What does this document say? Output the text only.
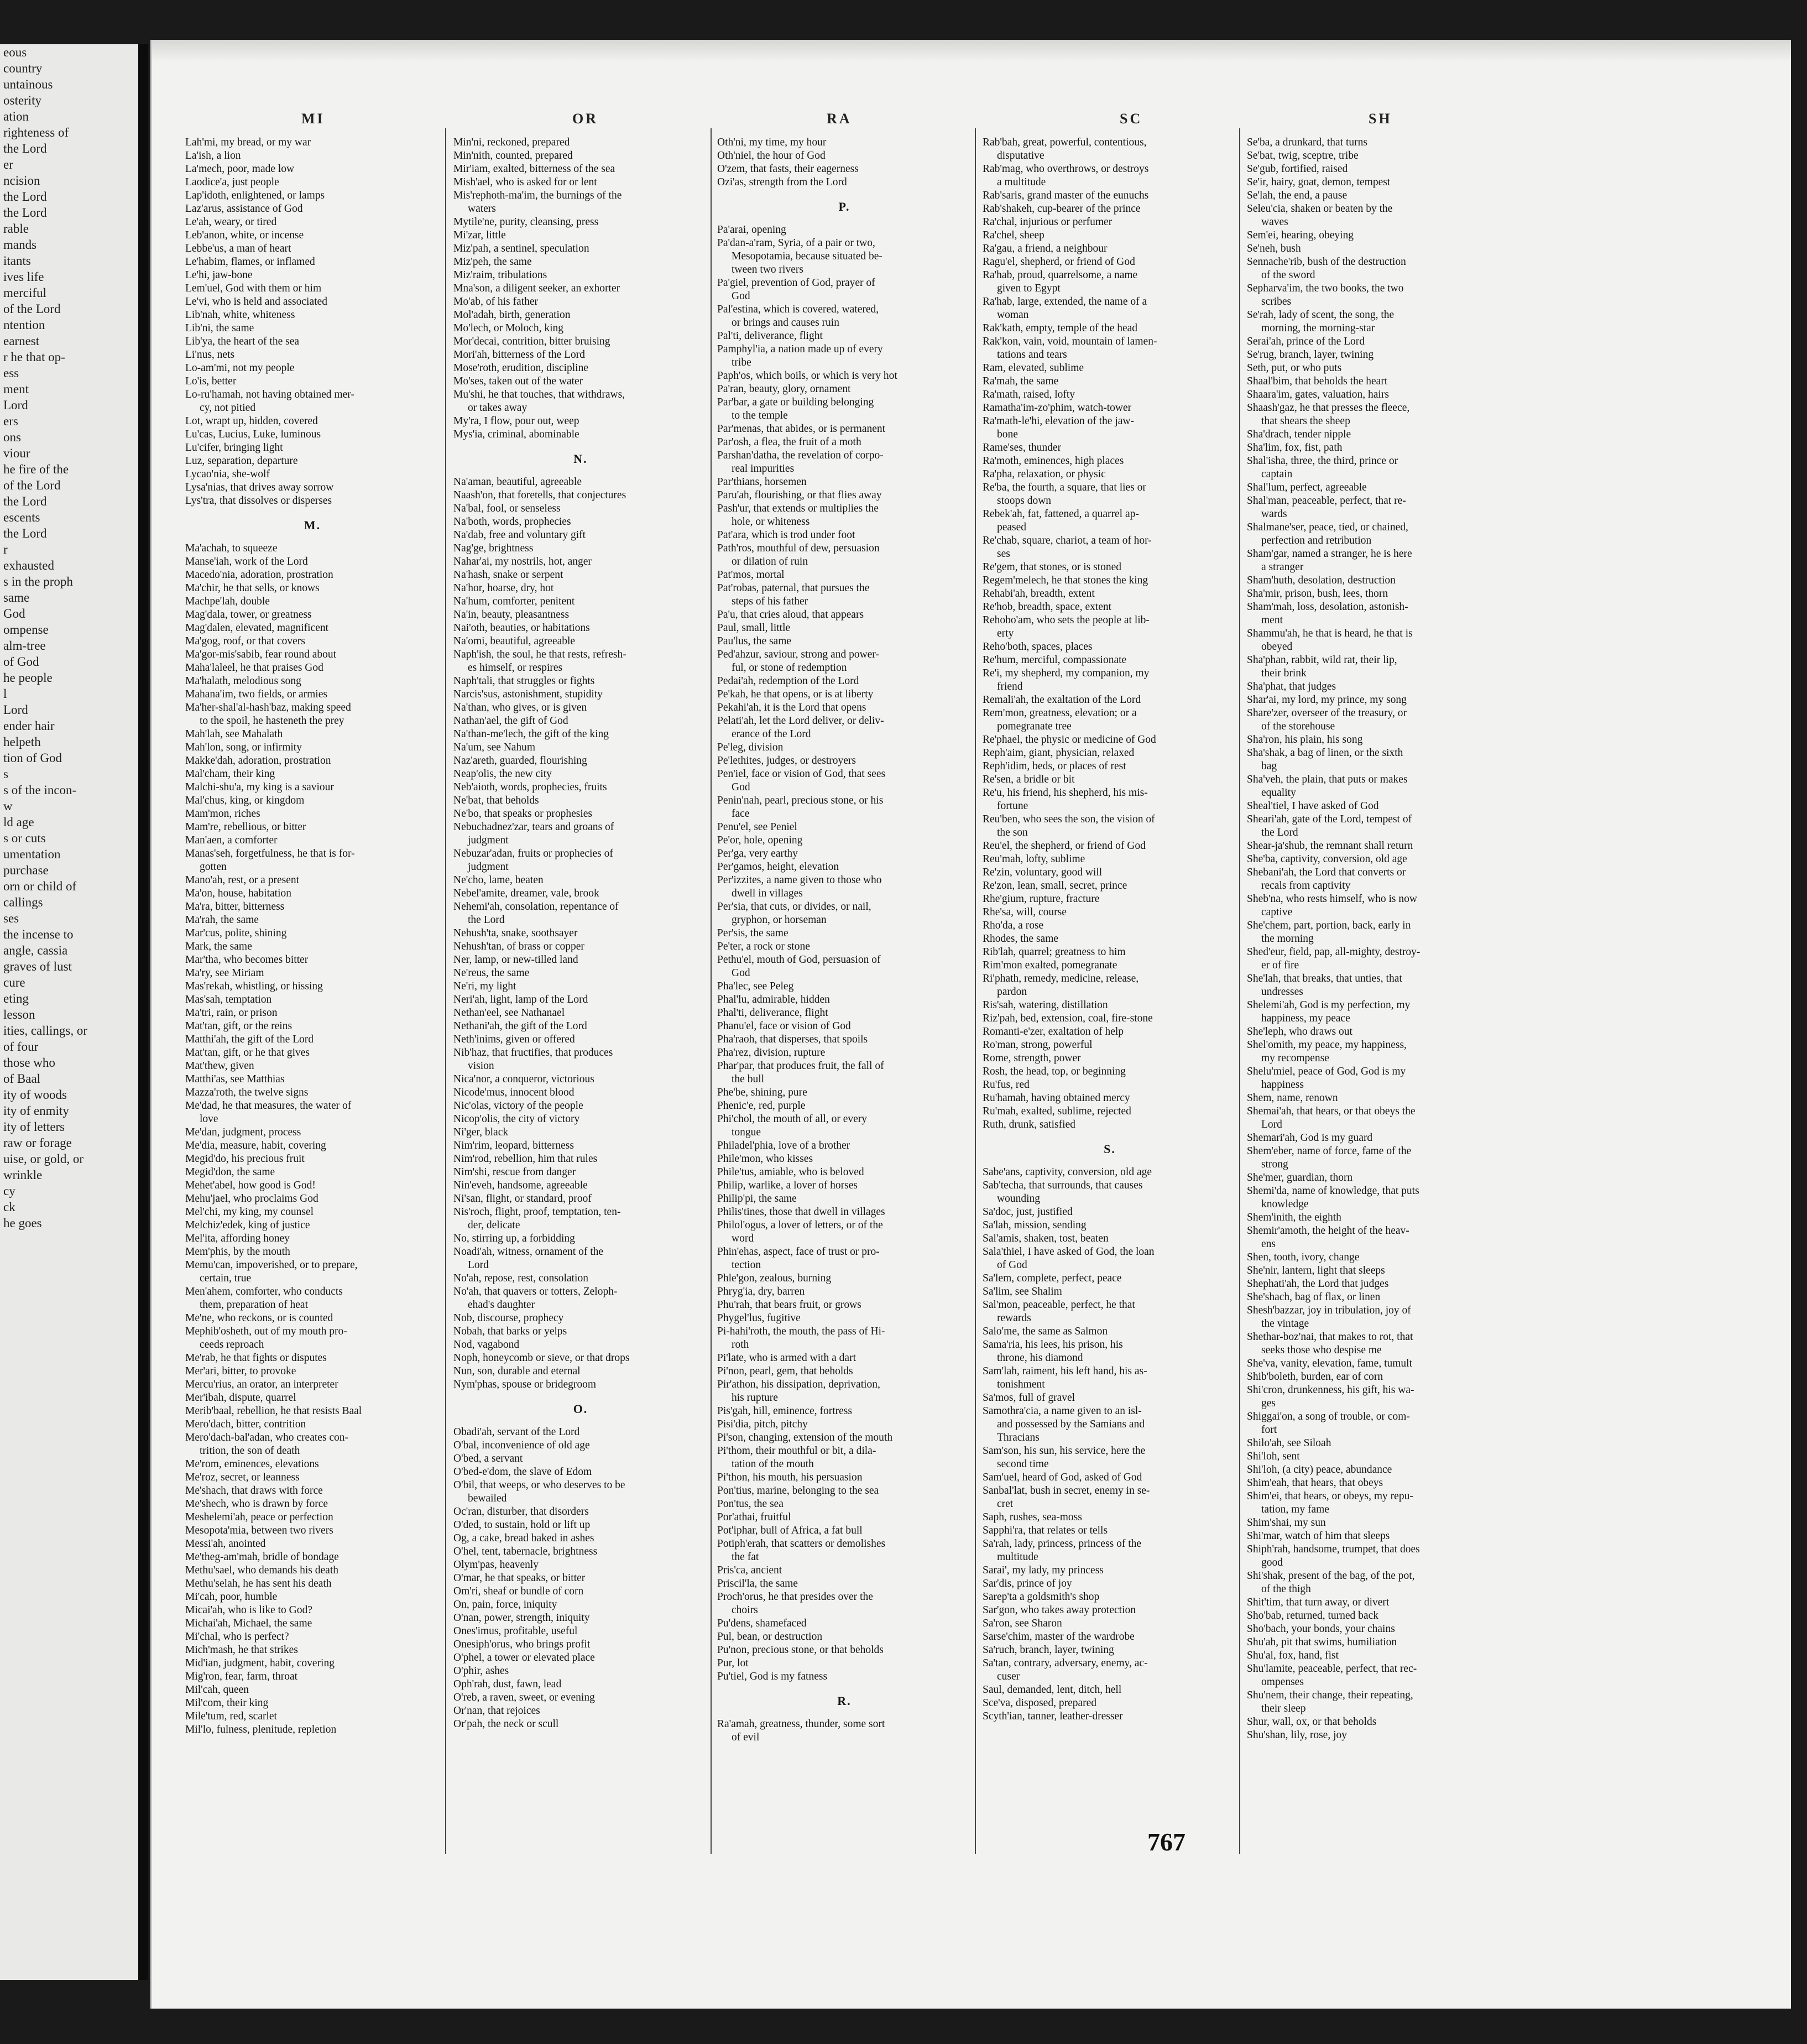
eous
country
untainous
osterity
ation
righteness of
the Lord
er
ncision
the Lord
the Lord
rable
mands
itants
ives life
merciful
of the Lord
ntention
earnest
r he that op-
ess
ment
Lord
ers
ons
viour
he fire of the
of the Lord
the Lord
escents
the Lord
r
exhausted
s in the proph
same
God
ompense
alm-tree
of God
he people
l
Lord
ender hair
helpeth
tion of God
s
s of the incon-
w
ld age
s or cuts
umentation
purchase
orn or child of
callings
ses
the incense to
angle, cassia
graves of lust
cure
eting
lesson
ities, callings, or
of four
those who
of Baal
ity of woods
ity of enmity
ity of letters
raw or forage
uise, or gold, or
wrinkle
cy
ck
he goes
MI	OR	RA	SC	SH
Lah'mi, my bread, or my war
La'ish, a lion
La'mech, poor, made low
Laodice'a, just people
Lap'idoth, enlightened, or lamps
Laz'arus, assistance of God
Le'ah, weary, or tired
Leb'anon, white, or incense
Lebbe'us, a man of heart
Le'habim, flames, or inflamed
Le'hi, jaw-bone
Lem'uel, God with them or him
Le'vi, who is held and associated
Lib'nah, white, whiteness
Lib'ni, the same
Lib'ya, the heart of the sea
Li'nus, nets
Lo-am'mi, not my people
Lo'is, better
Lo-ru'hamah, not having obtained mer-
cy, not pitied
Lot, wrapt up, hidden, covered
Lu'cas, Lucius, Luke, luminous
Lu'cifer, bringing light
Luz, separation, departure
Lycao'nia, she-wolf
Lysa'nias, that drives away sorrow
Lys'tra, that dissolves or disperses
M.
Ma'achah, to squeeze
Manse'iah, work of the Lord
Macedo'nia, adoration, prostration
Ma'chir, he that sells, or knows
Machpe'lah, double
Mag'dala, tower, or greatness
Mag'dalen, elevated, magnificent
Ma'gog, roof, or that covers
Ma'gor-mis'sabib, fear round about
Maha'laleel, he that praises God
Ma'halath, melodious song
Mahana'im, two fields, or armies
Ma'her-shal'al-hash'baz, making speed
to the spoil, he hasteneth the prey
Mah'lah, see Mahalath
Mah'lon, song, or infirmity
Makke'dah, adoration, prostration
Mal'cham, their king
Malchi-shu'a, my king is a saviour
Mal'chus, king, or kingdom
Mam'mon, riches
Mam're, rebellious, or bitter
Man'aen, a comforter
Manas'seh, forgetfulness, he that is for-
gotten
Mano'ah, rest, or a present
Ma'on, house, habitation
Ma'ra, bitter, bitterness
Ma'rah, the same
Mar'cus, polite, shining
Mark, the same
Mar'tha, who becomes bitter
Ma'ry, see Miriam
Mas'rekah, whistling, or hissing
Mas'sah, temptation
Ma'tri, rain, or prison
Mat'tan, gift, or the reins
Matthi'ah, the gift of the Lord
Mat'tan, gift, or he that gives
Mat'thew, given
Matthi'as, see Matthias
Mazza'roth, the twelve signs
Me'dad, he that measures, the water of
love
Me'dan, judgment, process
Me'dia, measure, habit, covering
Megid'do, his precious fruit
Megid'don, the same
Mehet'abel, how good is God!
Mehu'jael, who proclaims God
Mel'chi, my king, my counsel
Melchiz'edek, king of justice
Mel'ita, affording honey
Mem'phis, by the mouth
Memu'can, impoverished, or to prepare,
certain, true
Men'ahem, comforter, who conducts
them, preparation of heat
Me'ne, who reckons, or is counted
Mephib'osheth, out of my mouth pro-
ceeds reproach
Me'rab, he that fights or disputes
Mer'ari, bitter, to provoke
Mercu'rius, an orator, an interpreter
Mer'ibah, dispute, quarrel
Merib'baal, rebellion, he that resists Baal
Mero'dach, bitter, contrition
Mero'dach-bal'adan, who creates con-
trition, the son of death
Me'rom, eminences, elevations
Me'roz, secret, or leanness
Me'shach, that draws with force
Me'shech, who is drawn by force
Meshelemi'ah, peace or perfection
Mesopota'mia, between two rivers
Messi'ah, anointed
Me'theg-am'mah, bridle of bondage
Methu'sael, who demands his death
Methu'selah, he has sent his death
Mi'cah, poor, humble
Micai'ah, who is like to God?
Michai'ah, Michael, the same
Mi'chal, who is perfect?
Mich'mash, he that strikes
Mid'ian, judgment, habit, covering
Mig'ron, fear, farm, throat
Mil'cah, queen
Mil'com, their king
Mile'tum, red, scarlet
Mil'lo, fulness, plenitude, repletion
Min'ni, reckoned, prepared
Min'nith, counted, prepared
Mir'iam, exalted, bitterness of the sea
Mish'ael, who is asked for or lent
Mis'rephoth-ma'im, the burnings of the
waters
Mytile'ne, purity, cleansing, press
Mi'zar, little
Miz'pah, a sentinel, speculation
Miz'peh, the same
Miz'raim, tribulations
Mna'son, a diligent seeker, an exhorter
Mo'ab, of his father
Mol'adah, birth, generation
Mo'lech, or Moloch, king
Mor'decai, contrition, bitter bruising
Mori'ah, bitterness of the Lord
Mose'roth, erudition, discipline
Mo'ses, taken out of the water
Mu'shi, he that touches, that withdraws,
or takes away
My'ra, I flow, pour out, weep
Mys'ia, criminal, abominable
N.
Na'aman, beautiful, agreeable
Naash'on, that foretells, that conjectures
Na'bal, fool, or senseless
Na'both, words, prophecies
Na'dab, free and voluntary gift
Nag'ge, brightness
Nahar'ai, my nostrils, hot, anger
Na'hash, snake or serpent
Na'hor, hoarse, dry, hot
Na'hum, comforter, penitent
Na'in, beauty, pleasantness
Nai'oth, beauties, or habitations
Na'omi, beautiful, agreeable
Naph'ish, the soul, he that rests, refresh-
es himself, or respires
Naph'tali, that struggles or fights
Narcis'sus, astonishment, stupidity
Na'than, who gives, or is given
Nathan'ael, the gift of God
Na'than-me'lech, the gift of the king
Na'um, see Nahum
Naz'areth, guarded, flourishing
Neap'olis, the new city
Neb'aioth, words, prophecies, fruits
Ne'bat, that beholds
Ne'bo, that speaks or prophesies
Nebuchadnez'zar, tears and groans of
judgment
Nebuzar'adan, fruits or prophecies of
judgment
Ne'cho, lame, beaten
Nebel'amite, dreamer, vale, brook
Nehemi'ah, consolation, repentance of
the Lord
Nehush'ta, snake, soothsayer
Nehush'tan, of brass or copper
Ner, lamp, or new-tilled land
Ne'reus, the same
Ne'ri, my light
Neri'ah, light, lamp of the Lord
Nethan'eel, see Nathanael
Nethani'ah, the gift of the Lord
Neth'inims, given or offered
Nib'haz, that fructifies, that produces
vision
Nica'nor, a conqueror, victorious
Nicode'mus, innocent blood
Nic'olas, victory of the people
Nicop'olis, the city of victory
Ni'ger, black
Nim'rim, leopard, bitterness
Nim'rod, rebellion, him that rules
Nim'shi, rescue from danger
Nin'eveh, handsome, agreeable
Ni'san, flight, or standard, proof
Nis'roch, flight, proof, temptation, ten-
der, delicate
No, stirring up, a forbidding
Noadi'ah, witness, ornament of the
Lord
No'ah, repose, rest, consolation
No'ah, that quavers or totters, Zeloph-
ehad's daughter
Nob, discourse, prophecy
Nobah, that barks or yelps
Nod, vagabond
Noph, honeycomb or sieve, or that drops
Nun, son, durable and eternal
Nym'phas, spouse or bridegroom
O.
Obadi'ah, servant of the Lord
O'bal, inconvenience of old age
O'bed, a servant
O'bed-e'dom, the slave of Edom
O'bil, that weeps, or who deserves to be
bewailed
Oc'ran, disturber, that disorders
O'ded, to sustain, hold or lift up
Og, a cake, bread baked in ashes
O'hel, tent, tabernacle, brightness
Olym'pas, heavenly
O'mar, he that speaks, or bitter
Om'ri, sheaf or bundle of corn
On, pain, force, iniquity
O'nan, power, strength, iniquity
Ones'imus, profitable, useful
Onesiph'orus, who brings profit
O'phel, a tower or elevated place
O'phir, ashes
Oph'rah, dust, fawn, lead
O'reb, a raven, sweet, or evening
Or'nan, that rejoices
Or'pah, the neck or scull
Oth'ni, my time, my hour
Oth'niel, the hour of God
O'zem, that fasts, their eagerness
Ozi'as, strength from the Lord
P.
Pa'arai, opening
Pa'dan-a'ram, Syria, of a pair or two,
Mesopotamia, because situated be-
tween two rivers
Pa'giel, prevention of God, prayer of
God
Pal'estina, which is covered, watered,
or brings and causes ruin
Pal'ti, deliverance, flight
Pamphyl'ia, a nation made up of every
tribe
Paph'os, which boils, or which is very hot
Pa'ran, beauty, glory, ornament
Par'bar, a gate or building belonging
to the temple
Par'menas, that abides, or is permanent
Par'osh, a flea, the fruit of a moth
Parshan'datha, the revelation of corpo-
real impurities
Par'thians, horsemen
Paru'ah, flourishing, or that flies away
Pash'ur, that extends or multiplies the
hole, or whiteness
Pat'ara, which is trod under foot
Path'ros, mouthful of dew, persuasion
or dilation of ruin
Pat'mos, mortal
Pat'robas, paternal, that pursues the
steps of his father
Pa'u, that cries aloud, that appears
Paul, small, little
Pau'lus, the same
Ped'ahzur, saviour, strong and power-
ful, or stone of redemption
Pedai'ah, redemption of the Lord
Pe'kah, he that opens, or is at liberty
Pekahi'ah, it is the Lord that opens
Pelati'ah, let the Lord deliver, or deliv-
erance of the Lord
Pe'leg, division
Pe'lethites, judges, or destroyers
Pen'iel, face or vision of God, that sees
God
Penin'nah, pearl, precious stone, or his
face
Penu'el, see Peniel
Pe'or, hole, opening
Per'ga, very earthy
Per'gamos, height, elevation
Per'izzites, a name given to those who
dwell in villages
Per'sia, that cuts, or divides, or nail,
gryphon, or horseman
Per'sis, the same
Pe'ter, a rock or stone
Pethu'el, mouth of God, persuasion of
God
Pha'lec, see Peleg
Phal'lu, admirable, hidden
Phal'ti, deliverance, flight
Phanu'el, face or vision of God
Pha'raoh, that disperses, that spoils
Pha'rez, division, rupture
Phar'par, that produces fruit, the fall of
the bull
Phe'be, shining, pure
Phenic'e, red, purple
Phi'chol, the mouth of all, or every
tongue
Philadel'phia, love of a brother
Phile'mon, who kisses
Phile'tus, amiable, who is beloved
Philip, warlike, a lover of horses
Philip'pi, the same
Philis'tines, those that dwell in villages
Philol'ogus, a lover of letters, or of the
word
Phin'ehas, aspect, face of trust or pro-
tection
Phle'gon, zealous, burning
Phryg'ia, dry, barren
Phu'rah, that bears fruit, or grows
Phygel'lus, fugitive
Pi-hahi'roth, the mouth, the pass of Hi-
roth
Pi'late, who is armed with a dart
Pi'non, pearl, gem, that beholds
Pir'athon, his dissipation, deprivation,
his rupture
Pis'gah, hill, eminence, fortress
Pisi'dia, pitch, pitchy
Pi'son, changing, extension of the mouth
Pi'thom, their mouthful or bit, a dila-
tation of the mouth
Pi'thon, his mouth, his persuasion
Pon'tius, marine, belonging to the sea
Pon'tus, the sea
Por'athai, fruitful
Pot'iphar, bull of Africa, a fat bull
Potiph'erah, that scatters or demolishes
the fat
Pris'ca, ancient
Priscil'la, the same
Proch'orus, he that presides over the
choirs
Pu'dens, shamefaced
Pul, bean, or destruction
Pu'non, precious stone, or that beholds
Pur, lot
Pu'tiel, God is my fatness
R.
Ra'amah, greatness, thunder, some sort
of evil
Rab'bah, great, powerful, contentious,
disputative
Rab'mag, who overthrows, or destroys
a multitude
Rab'saris, grand master of the eunuchs
Rab'shakeh, cup-bearer of the prince
Ra'chal, injurious or perfumer
Ra'chel, sheep
Ra'gau, a friend, a neighbour
Ragu'el, shepherd, or friend of God
Ra'hab, proud, quarrelsome, a name
given to Egypt
Ra'hab, large, extended, the name of a
woman
Rak'kath, empty, temple of the head
Rak'kon, vain, void, mountain of lamen-
tations and tears
Ram, elevated, sublime
Ra'mah, the same
Ra'math, raised, lofty
Ramatha'im-zo'phim, watch-tower
Ra'math-le'hi, elevation of the jaw-
bone
Rame'ses, thunder
Ra'moth, eminences, high places
Ra'pha, relaxation, or physic
Re'ba, the fourth, a square, that lies or
stoops down
Rebek'ah, fat, fattened, a quarrel ap-
peased
Re'chab, square, chariot, a team of hor-
ses
Re'gem, that stones, or is stoned
Regem'melech, he that stones the king
Rehabi'ah, breadth, extent
Re'hob, breadth, space, extent
Rehobo'am, who sets the people at lib-
erty
Reho'both, spaces, places
Re'hum, merciful, compassionate
Re'i, my shepherd, my companion, my
friend
Remali'ah, the exaltation of the Lord
Rem'mon, greatness, elevation; or a
pomegranate tree
Re'phael, the physic or medicine of God
Reph'aim, giant, physician, relaxed
Reph'idim, beds, or places of rest
Re'sen, a bridle or bit
Re'u, his friend, his shepherd, his mis-
fortune
Reu'ben, who sees the son, the vision of
the son
Reu'el, the shepherd, or friend of God
Reu'mah, lofty, sublime
Re'zin, voluntary, good will
Re'zon, lean, small, secret, prince
Rhe'gium, rupture, fracture
Rhe'sa, will, course
Rho'da, a rose
Rhodes, the same
Rib'lah, quarrel; greatness to him
Rim'mon exalted, pomegranate
Ri'phath, remedy, medicine, release,
pardon
Ris'sah, watering, distillation
Riz'pah, bed, extension, coal, fire-stone
Romanti-e'zer, exaltation of help
Ro'man, strong, powerful
Rome, strength, power
Rosh, the head, top, or beginning
Ru'fus, red
Ru'hamah, having obtained mercy
Ru'mah, exalted, sublime, rejected
Ruth, drunk, satisfied
S.
Sabe'ans, captivity, conversion, old age
Sab'techa, that surrounds, that causes
wounding
Sa'doc, just, justified
Sa'lah, mission, sending
Sal'amis, shaken, tost, beaten
Sala'thiel, I have asked of God, the loan
of God
Sa'lem, complete, perfect, peace
Sa'lim, see Shalim
Sal'mon, peaceable, perfect, he that
rewards
Salo'me, the same as Salmon
Sama'ria, his lees, his prison, his
throne, his diamond
Sam'lah, raiment, his left hand, his as-
tonishment
Sa'mos, full of gravel
Samothra'cia, a name given to an isl-
and possessed by the Samians and
Thracians
Sam'son, his sun, his service, here the
second time
Sam'uel, heard of God, asked of God
Sanbal'lat, bush in secret, enemy in se-
cret
Saph, rushes, sea-moss
Sapphi'ra, that relates or tells
Sa'rah, lady, princess, princess of the
multitude
Sarai', my lady, my princess
Sar'dis, prince of joy
Sarep'ta a goldsmith's shop
Sar'gon, who takes away protection
Sa'ron, see Sharon
Sarse'chim, master of the wardrobe
Sa'ruch, branch, layer, twining
Sa'tan, contrary, adversary, enemy, ac-
cuser
Saul, demanded, lent, ditch, hell
Sce'va, disposed, prepared
Scyth'ian, tanner, leather-dresser
Se'ba, a drunkard, that turns
Se'bat, twig, sceptre, tribe
Se'gub, fortified, raised
Se'ir, hairy, goat, demon, tempest
Se'lah, the end, a pause
Seleu'cia, shaken or beaten by the
waves
Sem'ei, hearing, obeying
Se'neh, bush
Sennache'rib, bush of the destruction
of the sword
Sepharva'im, the two books, the two
scribes
Se'rah, lady of scent, the song, the
morning, the morning-star
Serai'ah, prince of the Lord
Se'rug, branch, layer, twining
Seth, put, or who puts
Shaal'bim, that beholds the heart
Shaara'im, gates, valuation, hairs
Shaash'gaz, he that presses the fleece,
that shears the sheep
Sha'drach, tender nipple
Sha'lim, fox, fist, path
Shal'isha, three, the third, prince or
captain
Shal'lum, perfect, agreeable
Shal'man, peaceable, perfect, that re-
wards
Shalmane'ser, peace, tied, or chained,
perfection and retribution
Sham'gar, named a stranger, he is here
a stranger
Sham'huth, desolation, destruction
Sha'mir, prison, bush, lees, thorn
Sham'mah, loss, desolation, astonish-
ment
Shammu'ah, he that is heard, he that is
obeyed
Sha'phan, rabbit, wild rat, their lip,
their brink
Sha'phat, that judges
Shar'ai, my lord, my prince, my song
Share'zer, overseer of the treasury, or
of the storehouse
Sha'ron, his plain, his song
Sha'shak, a bag of linen, or the sixth
bag
Sha'veh, the plain, that puts or makes
equality
Sheal'tiel, I have asked of God
Sheari'ah, gate of the Lord, tempest of
the Lord
Shear-ja'shub, the remnant shall return
She'ba, captivity, conversion, old age
Shebani'ah, the Lord that converts or
recals from captivity
Sheb'na, who rests himself, who is now
captive
She'chem, part, portion, back, early in
the morning
Shed'eur, field, pap, all-mighty, destroy-
er of fire
She'lah, that breaks, that unties, that
undresses
Shelemi'ah, God is my perfection, my
happiness, my peace
She'leph, who draws out
Shel'omith, my peace, my happiness,
my recompense
Shelu'miel, peace of God, God is my
happiness
Shem, name, renown
Shemai'ah, that hears, or that obeys the
Lord
Shemari'ah, God is my guard
Shem'eber, name of force, fame of the
strong
She'mer, guardian, thorn
Shemi'da, name of knowledge, that puts
knowledge
Shem'inith, the eighth
Shemir'amoth, the height of the heav-
ens
Shen, tooth, ivory, change
She'nir, lantern, light that sleeps
Shephati'ah, the Lord that judges
She'shach, bag of flax, or linen
Shesh'bazzar, joy in tribulation, joy of
the vintage
Shethar-boz'nai, that makes to rot, that
seeks those who despise me
She'va, vanity, elevation, fame, tumult
Shib'boleth, burden, ear of corn
Shi'cron, drunkenness, his gift, his wa-
ges
Shiggai'on, a song of trouble, or com-
fort
Shilo'ah, see Siloah
Shi'loh, sent
Shi'loh, (a city) peace, abundance
Shim'eah, that hears, that obeys
Shim'ei, that hears, or obeys, my repu-
tation, my fame
Shim'shai, my sun
Shi'mar, watch of him that sleeps
Shiph'rah, handsome, trumpet, that does
good
Shi'shak, present of the bag, of the pot,
of the thigh
Shit'tim, that turn away, or divert
Sho'bab, returned, turned back
Sho'bach, your bonds, your chains
Shu'ah, pit that swims, humiliation
Shu'al, fox, hand, fist
Shu'lamite, peaceable, perfect, that rec-
ompenses
Shu'nem, their change, their repeating,
their sleep
Shur, wall, ox, or that beholds
Shu'shan, lily, rose, joy
767
